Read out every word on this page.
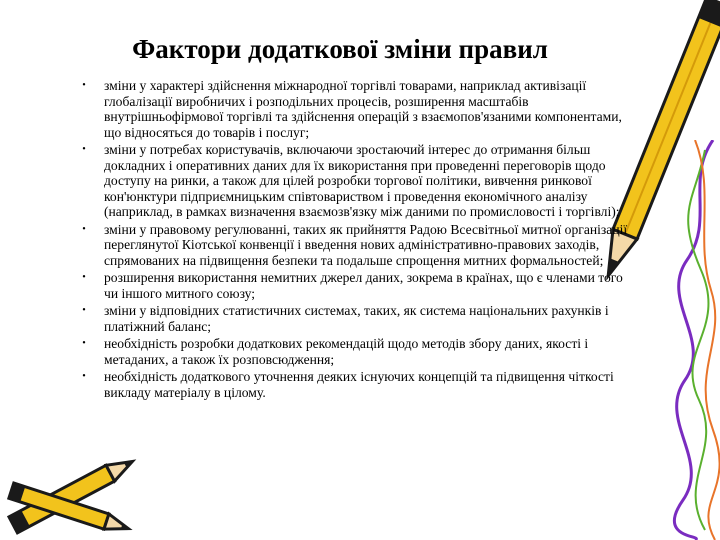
Фактори додаткової зміни правил
•	зміни у характері здійснення міжнародної торгівлі товарами, наприклад активізації глобалізації виробничих і розподільних процесів, розширення масштабів внутрішньофірмової торгівлі та здійснення операцій з взаємопов'язаними компонентами, що відносяться до товарів і послуг;
•	зміни у потребах користувачів, включаючи зростаючий інтерес до отримання більш докладних і оперативних даних для їх використання при проведенні переговорів щодо доступу на ринки, а також для цілей розробки торгової політики, вивчення ринкової кон'юнктури підприємницьким співтовариством і проведення економічного аналізу (наприклад, в рамках визначення взаємозв'язку між даними по промисловості і торгівлі);
•	зміни у правовому регулюванні, таких як прийняття Радою Всесвітньої митної організації переглянутої Кіотської конвенції і введення нових адміністративно-правових заходів, спрямованих на підвищення безпеки та подальше спрощення митних формальностей;
•	розширення використання немитних джерел даних, зокрема в країнах, що є членами того чи іншого митного союзу;
•	зміни у відповідних статистичних системах, таких, як система національних рахунків і платіжний баланс;
•	необхідність розробки додаткових рекомендацій щодо методів збору даних, якості і метаданих, а також їх розповсюдження;
•	необхідність додаткового уточнення деяких існуючих концепцій та підвищення чіткості викладу матеріалу в цілому.
